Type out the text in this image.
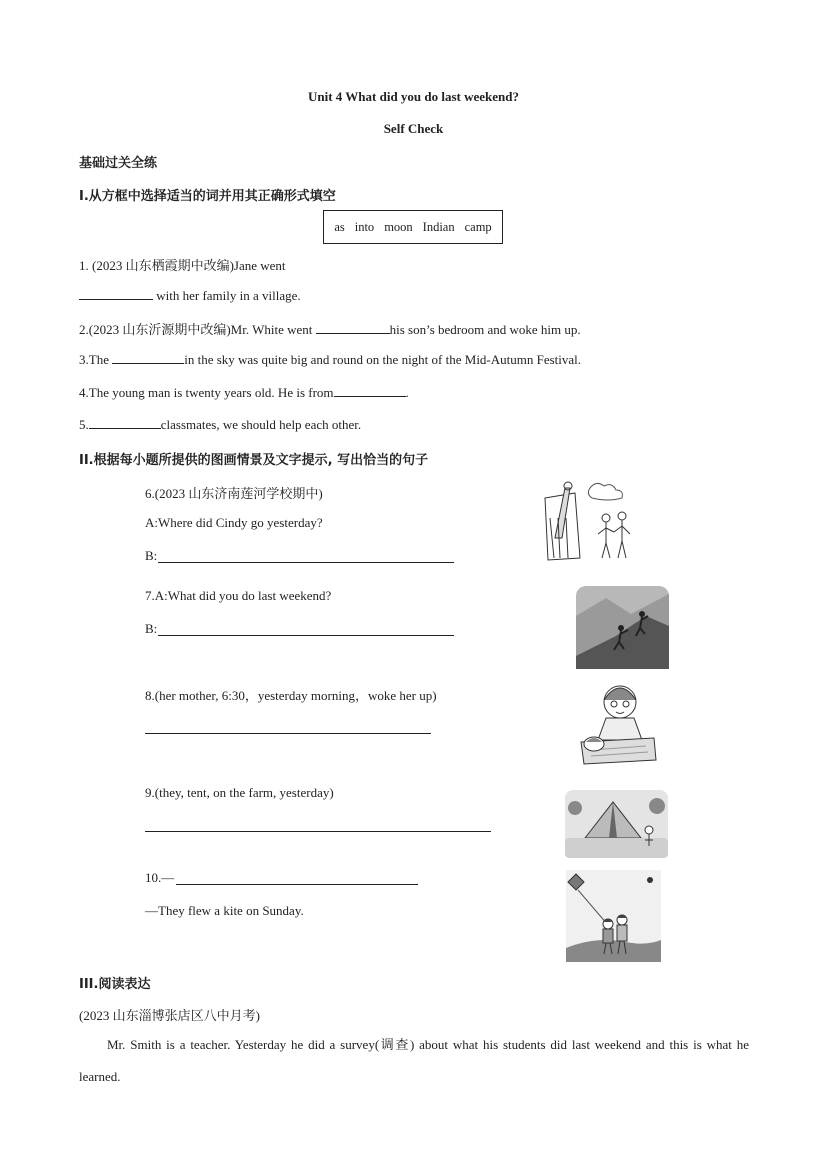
Unit 4 What did you do last weekend?
Self Check
基础过关全练
I.从方框中选择适当的词并用其正确形式填空
as into moon Indian camp
1. (2023 山东栖霞期中改编)Jane went
with her family in a village.
2.(2023 山东沂源期中改编)Mr. White went	his son’s bedroom and woke him up.
3.The	in the sky was quite big and round on the night of the Mid-Autumn Festival.
4.The young man is twenty years old. He is from	.
5.	classmates, we should help each other.
II.根据每小题所提供的图画情景及文字提示, 写出恰当的句子
6.(2023 山东济南莲河学校期中)
A:Where did Cindy go yesterday?
B:
7.A:What did you do last weekend?
B:
8.(her mother, 6:30，yesterday morning，woke her up)
9.(they, tent, on the farm, yesterday)
10.—
—They flew a kite on Sunday.
III.阅读表达
(2023 山东淄博张店区八中月考)
Mr. Smith is a teacher. Yesterday he did a survey(调查) about what his students did last weekend and this is what he learned.
